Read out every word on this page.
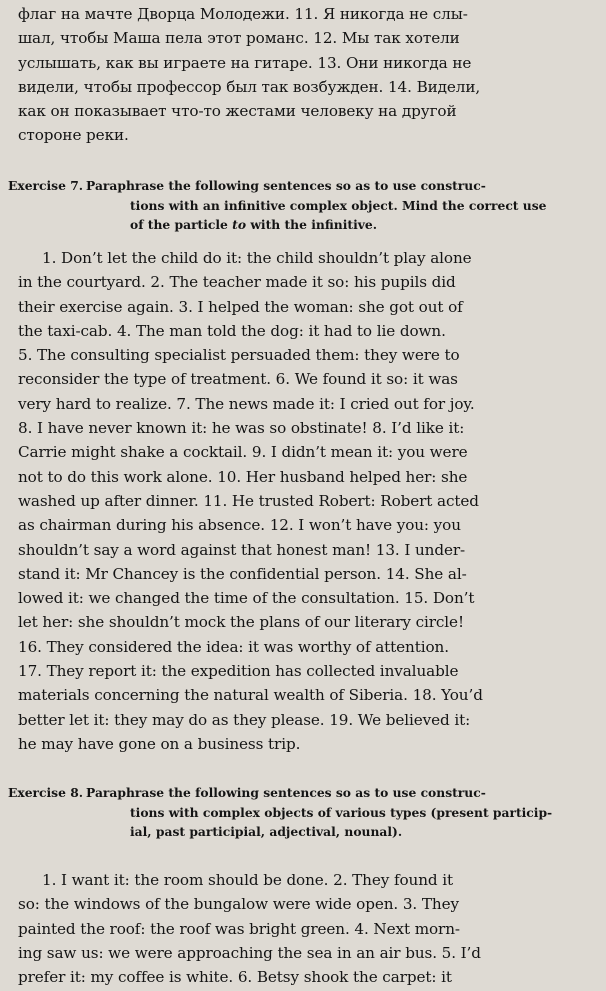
флаг на мачте Дворца Молодежи. 11. Я никогда не слы-
шал, чтобы Маша пела этот романс. 12. Мы так хотели
услышать, как вы играете на гитаре. 13. Они никогда не
видели, чтобы профессор был так возбужден. 14. Видели,
как он показывает что-то жестами человеку на другой
стороне реки.
Exercise 7. Paraphrase the following sentences so as to use construc-
tions with an infinitive complex object. Mind the correct use
of the particle to with the infinitive.
1. Don’t let the child do it: the child shouldn’t play alone
in the courtyard. 2. The teacher made it so: his pupils did
their exercise again. 3. I helped the woman: she got out of
the taxi-cab. 4. The man told the dog: it had to lie down.
5. The consulting specialist persuaded them: they were to
reconsider the type of treatment. 6. We found it so: it was
very hard to realize. 7. The news made it: I cried out for joy.
8. I have never known it: he was so obstinate! 8. I’d like it:
Carrie might shake a cocktail. 9. I didn’t mean it: you were
not to do this work alone. 10. Her husband helped her: she
washed up after dinner. 11. He trusted Robert: Robert acted
as chairman during his absence. 12. I won’t have you: you
shouldn’t say a word against that honest man! 13. I under-
stand it: Mr Chancey is the confidential person. 14. She al-
lowed it: we changed the time of the consultation. 15. Don’t
let her: she shouldn’t mock the plans of our literary circle!
16. They considered the idea: it was worthy of attention.
17. They report it: the expedition has collected invaluable
materials concerning the natural wealth of Siberia. 18. You’d
better let it: they may do as they please. 19. We believed it:
he may have gone on a business trip.
Exercise 8. Paraphrase the following sentences so as to use construc-
tions with complex objects of various types (present particip-
ial, past participial, adjectival, nounal).
1. I want it: the room should be done. 2. They found it
so: the windows of the bungalow were wide open. 3. They
painted the roof: the roof was bright green. 4. Next morn-
ing saw us: we were approaching the sea in an air bus. 5. I’d
prefer it: my coffee is white. 6. Betsy shook the carpet: it
